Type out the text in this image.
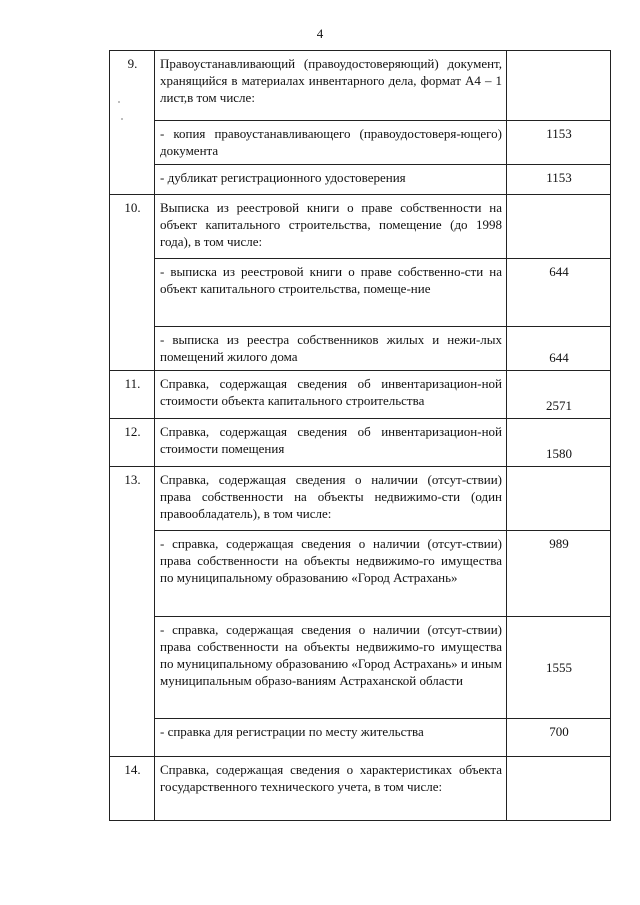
4
9.	Правоустанавливающий (правоудостоверяющий) документ, хранящийся в материалах инвентарного дела, формат А4 – 1 лист,в том числе:	
	- копия правоустанавливающего (правоудостоверя-ющего) документа	1153
	- дубликат регистрационного удостоверения	1153
10.	Выписка из реестровой книги о праве собственности на объект капитального строительства, помещение (до 1998 года), в том числе:	
	- выписка из реестровой книги о праве собственно-сти на объект капитального строительства, помеще-ние	644
	- выписка из реестра собственников жилых и нежи-лых помещений жилого дома	644
11.	Справка, содержащая сведения об инвентаризацион-ной стоимости объекта капитального строительства	2571
12.	Справка, содержащая сведения об инвентаризацион-ной стоимости помещения	1580
13.	Справка, содержащая сведения о наличии (отсут-ствии) права собственности на объекты недвижимо-сти (один правообладатель), в том числе:	
	- справка, содержащая сведения о наличии (отсут-ствии) права собственности на объекты недвижимо-го имущества по муниципальному образованию «Город Астрахань»	989
	- справка, содержащая сведения о наличии (отсут-ствии) права собственности на объекты недвижимо-го имущества по муниципальному образованию «Город Астрахань» и иным муниципальным образо-ваниям Астраханской области	1555
	- справка для регистрации по месту жительства	700
14.	Справка, содержащая сведения о характеристиках объекта государственного технического учета, в том числе:	
